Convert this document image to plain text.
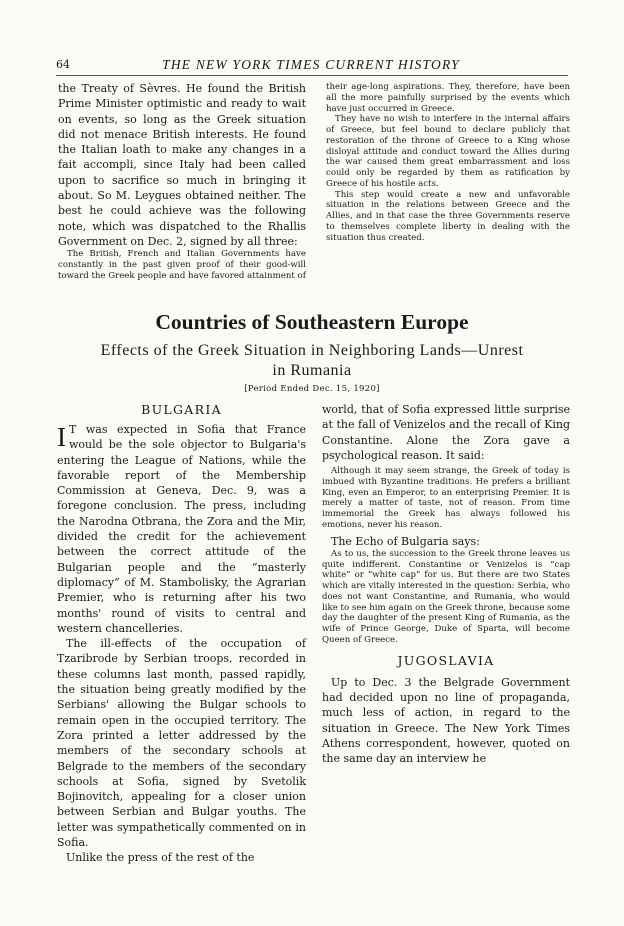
64	THE NEW YORK TIMES CURRENT HISTORY

the Treaty of Sèvres. He found the British Prime Minister optimistic and ready to wait on events, so long as the Greek situation did not menace British interests. He found the Italian loath to make any changes in a fait accompli, since Italy had been called upon to sacrifice so much in bringing it about. So M. Leygues obtained neither. The best he could achieve was the following note, which was dispatched to the Rhallis Government on Dec. 2, signed by all three:

The British, French and Italian Governments have constantly in the past given proof of their good-will toward the Greek people and have favored attainment of

their age-long aspirations. They, therefore, have been all the more painfully surprised by the events which have just occurred in Greece.

They have no wish to interfere in the internal affairs of Greece, but feel bound to declare publicly that restoration of the throne of Greece to a King whose disloyal attitude and conduct toward the Allies during the war caused them great embarrassment and loss could only be regarded by them as ratification by Greece of his hostile acts.

This step would create a new and unfavorable situation in the relations between Greece and the Allies, and in that case the three Governments reserve to themselves complete liberty in dealing with the situation thus created.

Countries of Southeastern Europe
Effects of the Greek Situation in Neighboring Lands—Unrest
in Rumania
[Period Ended Dec. 15, 1920]
BULGARIA
I T was expected in Sofia that France would be the sole objector to Bulgaria's entering the League of Nations, while the favorable report of the Membership Commission at Geneva, Dec. 9, was a foregone conclusion. The press, including the Narodna Otbrana, the Zora and the Mir, divided the credit for the achievement between the correct attitude of the Bulgarian people and the “masterly diplomacy” of M. Stambolisky, the Agrarian Premier, who is returning after his two months' round of visits to central and western chancelleries.

The ill-effects of the occupation of Tzaribrode by Serbian troops, recorded in these columns last month, passed rapidly, the situation being greatly modified by the Serbians' allowing the Bulgar schools to remain open in the occupied territory. The Zora printed a letter addressed by the members of the secondary schools at Belgrade to the members of the secondary schools at Sofia, signed by Svetolik Bojinovitch, appealing for a closer union between Serbian and Bulgar youths. The letter was sympathetically commented on in Sofia.

Unlike the press of the rest of the

world, that of Sofia expressed little surprise at the fall of Venizelos and the recall of King Constantine. Alone the Zora gave a psychological reason. It said:

Although it may seem strange, the Greek of today is imbued with Byzantine traditions. He prefers a brilliant King, even an Emperor, to an enterprising Premier. It is merely a matter of taste, not of reason. From time immemorial the Greek has always followed his emotions, never his reason.

The Echo of Bulgaria says:

As to us, the succession to the Greek throne leaves us quite indifferent. Constantine or Venizelos is “cap white” or “white cap” for us. But there are two States which are vitally interested in the question: Serbia, who does not want Constantine, and Rumania, who would like to see him again on the Greek throne, because some day the daughter of the present King of Rumania, as the wife of Prince George, Duke of Sparta, will become Queen of Greece.

JUGOSLAVIA

Up to Dec. 3 the Belgrade Government had decided upon no line of propaganda, much less of action, in regard to the situation in Greece. The New York Times Athens correspondent, however, quoted on the same day an interview he
